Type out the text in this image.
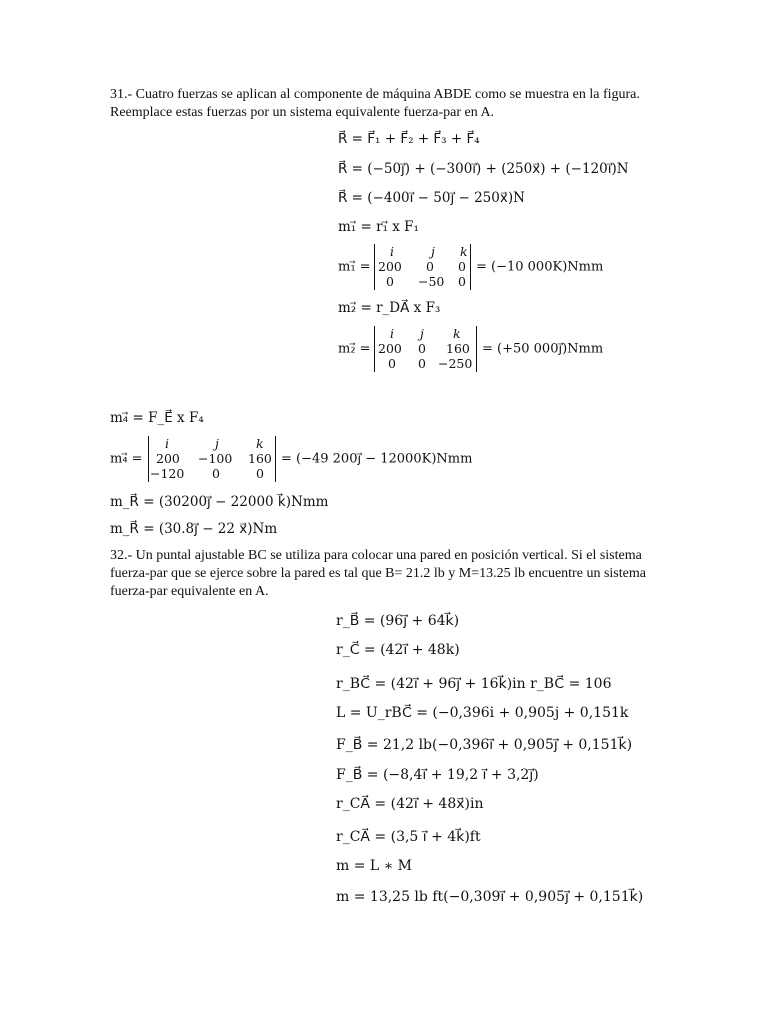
31.- Cuatro fuerzas se aplican al componente de máquina ABDE como se muestra en la figura. Reemplace estas fuerzas por un sistema equivalente fuerza-par en A.
R⃗ = F⃗₁ + F⃗₂ + F⃗₃ + F⃗₄
R⃗ = (−50j⃗) + (−300i⃗) + (250x⃗) + (−120i⃗)N
R⃗ = (−400i⃗ − 50j⃗ − 250x⃗)N
m₁⃗ = r₁⃗ x F₁
m₁⃗ =
i	j k
200 0 0
0 −50 0
= (−10 000K)Nmm
m₂⃗ = r_DA⃗ x F₃
m₂⃗ =
i j k
200 0 160
0 0 −250
= (+50 000j⃗)Nmm
m₄⃗ = F_E⃗ x F₄
m₄⃗ =
i	j	k
200 −100 160
−120 0	0
= (−49 200j⃗ − 12000K)Nmm
m_R⃗ = (30200j⃗ − 22000 k⃗)Nmm
m_R⃗ = (30.8j⃗ − 22 x⃗)Nm
32.- Un puntal ajustable BC se utiliza para colocar una pared en posición vertical. Si el sistema fuerza-par que se ejerce sobre la pared es tal que B= 21.2 lb y M=13.25 lb encuentre un sistema fuerza-par equivalente en A.
r_B⃗ = (96j⃗ + 64k⃗)
r_C⃗ = (42i⃗ + 48k)
r_BC⃗ = (42i⃗ + 96j⃗ + 16k⃗)in r_BC⃗ = 106
L = U_rBC⃗ = (−0,396i + 0,905j + 0,151k
F_B⃗ = 21,2 lb(−0,396i⃗ + 0,905j⃗ + 0,151k⃗)
F_B⃗ = (−8,4i⃗ + 19,2 i⃗ + 3,2j⃗)
r_CA⃗ = (42i⃗ + 48x⃗)in
r_CA⃗ = (3,5 i⃗ + 4k⃗)ft
m = L ∗ M
m = 13,25 lb ft(−0,309i⃗ + 0,905j⃗ + 0,151k⃗)
